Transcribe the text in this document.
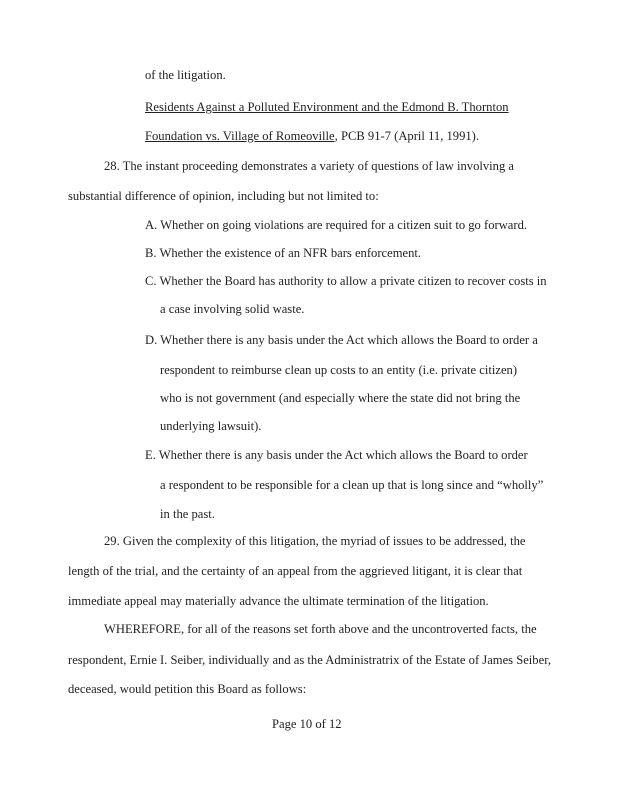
of the litigation.
Residents Against a Polluted Environment and the Edmond B. Thornton
Foundation vs. Village of Romeoville, PCB 91-7 (April 11, 1991).
28. The instant proceeding demonstrates a variety of questions of law involving a
substantial difference of opinion, including but not limited to:
A. Whether on going violations are required for a citizen suit to go forward.
B. Whether the existence of an NFR bars enforcement.
C. Whether the Board has authority to allow a private citizen to recover costs in
a case involving solid waste.
D. Whether there is any basis under the Act which allows the Board to order a
respondent to reimburse clean up costs to an entity (i.e. private citizen)
who is not government (and especially where the state did not bring the
underlying lawsuit).
E. Whether there is any basis under the Act which allows the Board to order
a respondent to be responsible for a clean up that is long since and “wholly”
in the past.
29. Given the complexity of this litigation, the myriad of issues to be addressed, the
length of the trial, and the certainty of an appeal from the aggrieved litigant, it is clear that
immediate appeal may materially advance the ultimate termination of the litigation.
WHEREFORE, for all of the reasons set forth above and the uncontroverted facts, the
respondent, Ernie I. Seiber, individually and as the Administratrix of the Estate of James Seiber,
deceased, would petition this Board as follows:
Page 10 of 12
